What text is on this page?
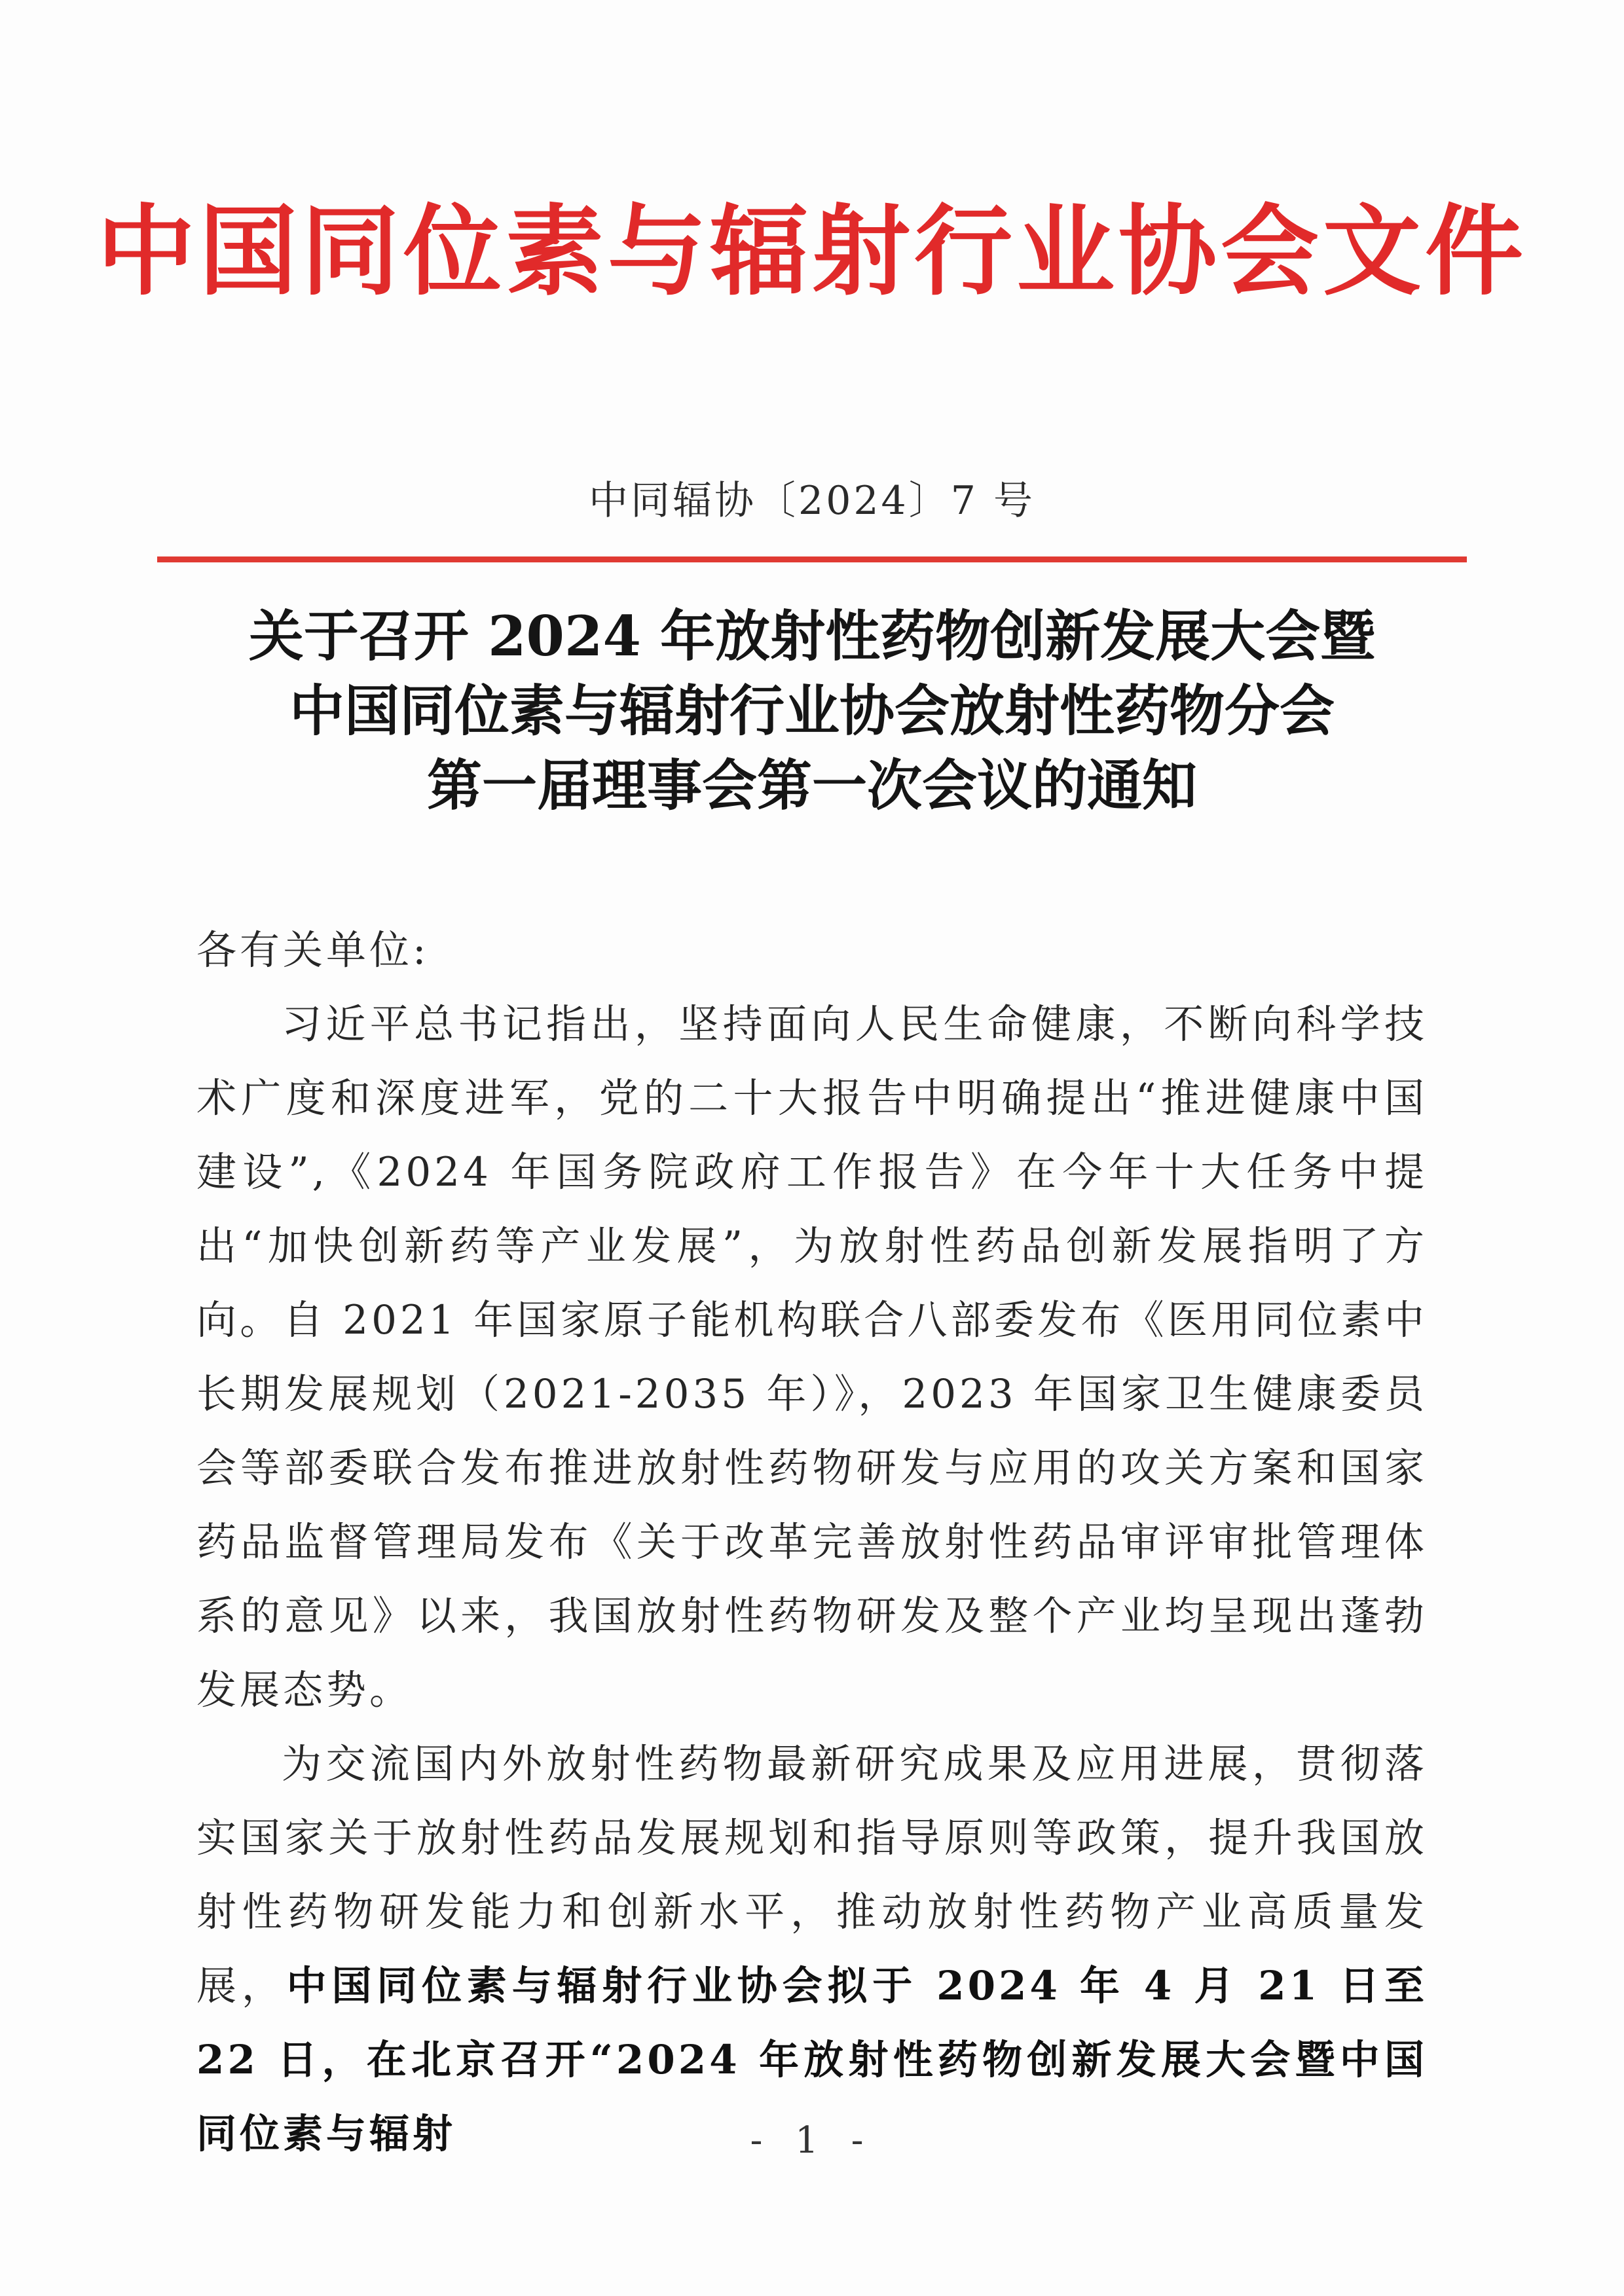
中国同位素与辐射行业协会文件
中同辐协〔2024〕7 号
关于召开 2024 年放射性药物创新发展大会暨
中国同位素与辐射行业协会放射性药物分会
第一届理事会第一次会议的通知

各有关单位:

习近平总书记指出，坚持面向人民生命健康，不断向科学技术广度和深度进军，党的二十大报告中明确提出“推进健康中国建设”,《2024 年国务院政府工作报告》在今年十大任务中提出“加快创新药等产业发展”，为放射性药品创新发展指明了方向。自 2021 年国家原子能机构联合八部委发布《医用同位素中长期发展规划（2021-2035 年）》，2023 年国家卫生健康委员会等部委联合发布推进放射性药物研发与应用的攻关方案和国家药品监督管理局发布《关于改革完善放射性药品审评审批管理体系的意见》以来，我国放射性药物研发及整个产业均呈现出蓬勃发展态势。

为交流国内外放射性药物最新研究成果及应用进展，贯彻落实国家关于放射性药品发展规划和指导原则等政策，提升我国放射性药物研发能力和创新水平，推动放射性药物产业高质量发展，中国同位素与辐射行业协会拟于 2024 年 4 月 21 日至 22 日，在北京召开“2024 年放射性药物创新发展大会暨中国同位素与辐射	- 1 -
